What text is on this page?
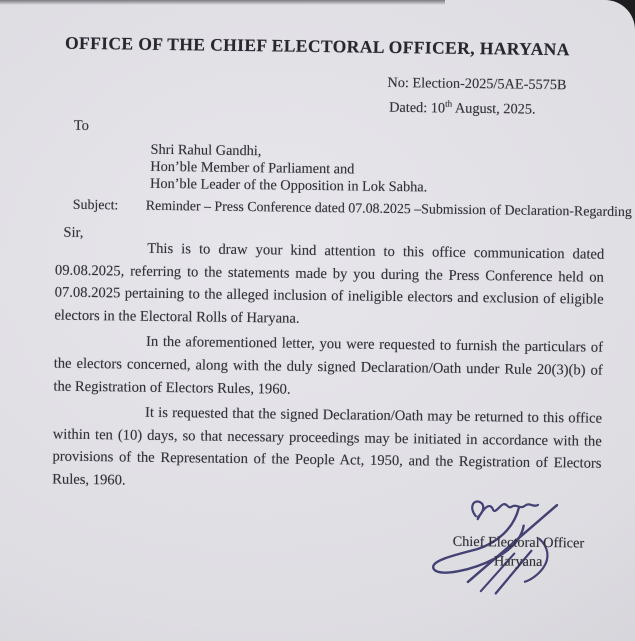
OFFICE OF THE CHIEF ELECTORAL OFFICER, HARYANA
No: Election-2025/5AE-5575B
Dated: 10th August, 2025.
To
Shri Rahul Gandhi,
Hon’ble Member of Parliament and
Hon’ble Leader of the Opposition in Lok Sabha.
Subject: Reminder – Press Conference dated 07.08.2025 –Submission of Declaration-Regarding
Sir,

This is to draw your kind attention to this office communication dated 09.08.2025, referring to the statements made by you during the Press Conference held on 07.08.2025 pertaining to the alleged inclusion of ineligible electors and exclusion of eligible electors in the Electoral Rolls of Haryana.

In the aforementioned letter, you were requested to furnish the particulars of the electors concerned, along with the duly signed Declaration/Oath under Rule 20(3)(b) of the Registration of Electors Rules, 1960.

It is requested that the signed Declaration/Oath may be returned to this office within ten (10) days, so that necessary proceedings may be initiated in accordance with the provisions of the Representation of the People Act, 1950, and the Registration of Electors Rules, 1960.

Chief Electoral Officer
Haryana
